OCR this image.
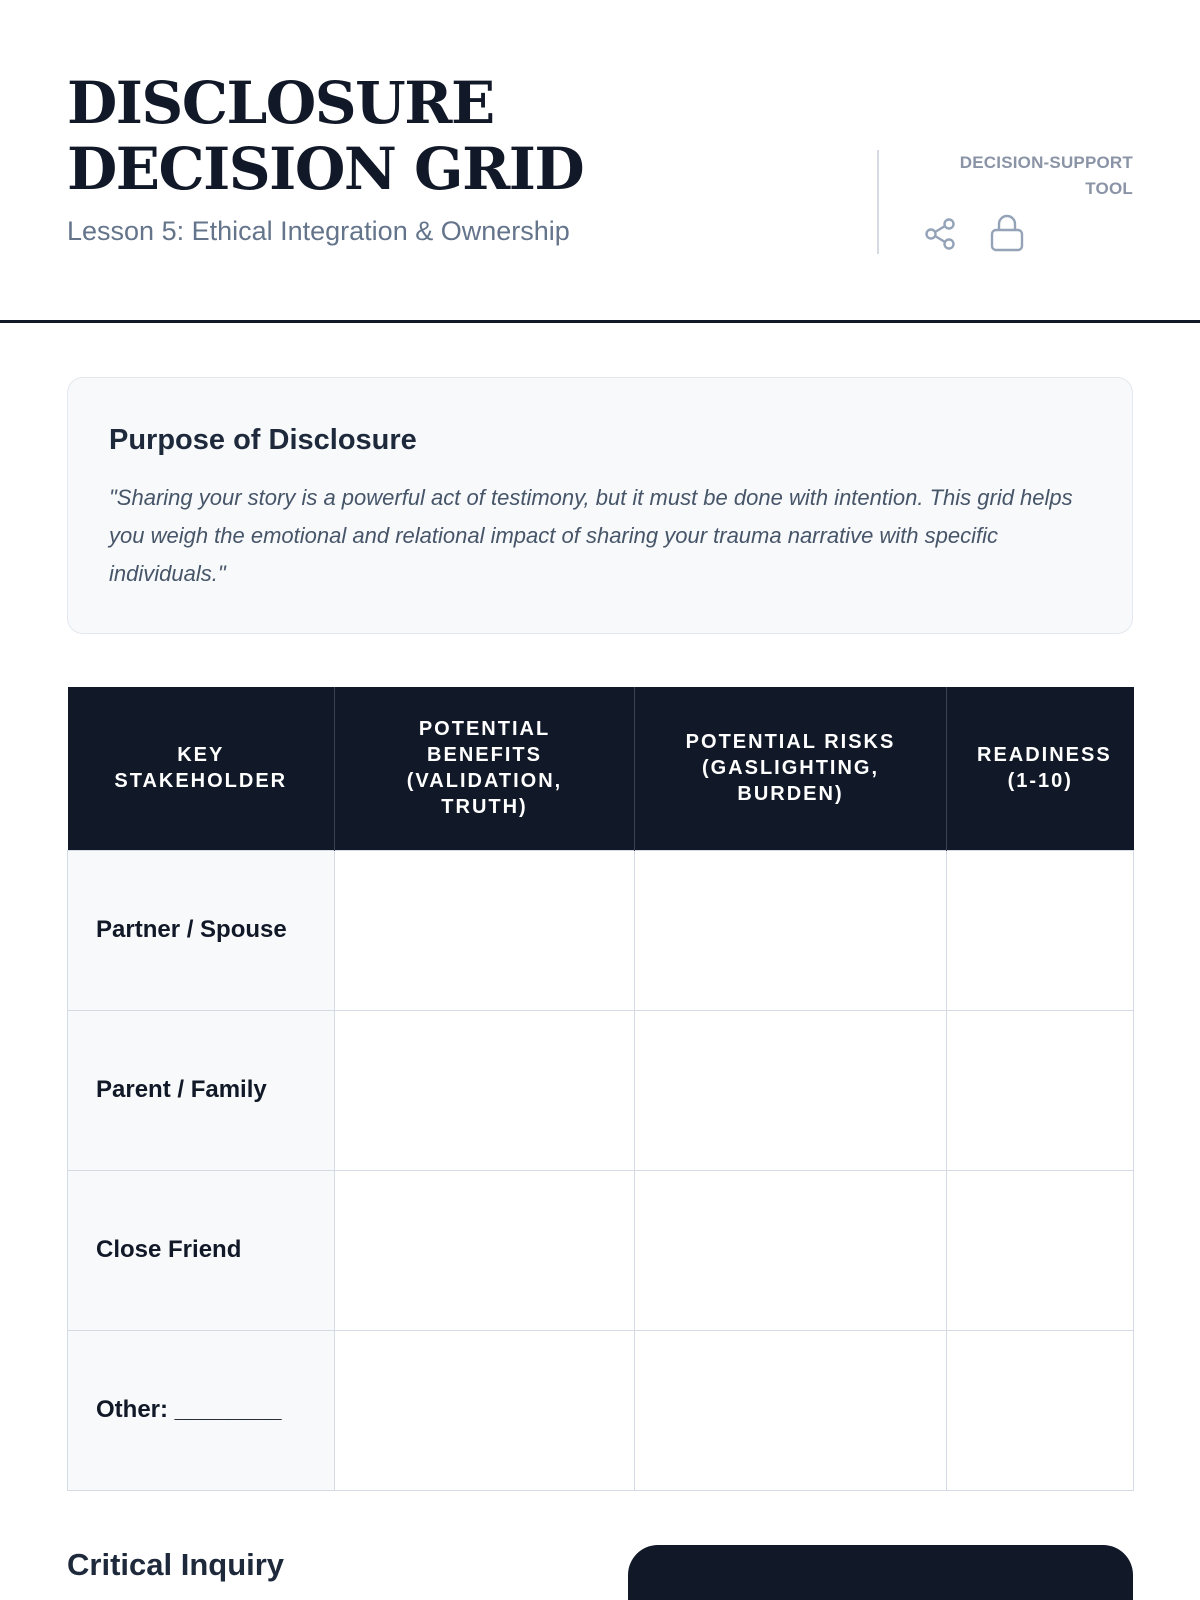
DISCLOSURE DECISION GRID
Lesson 5: Ethical Integration & Ownership
DECISION-SUPPORT TOOL
Purpose of Disclosure

"Sharing your story is a powerful act of testimony, but it must be done with intention. This grid helps you weigh the emotional and relational impact of sharing your trauma narrative with specific individuals."

KEY STAKEHOLDER	POTENTIAL BENEFITS (VALIDATION, TRUTH)	POTENTIAL RISKS (GASLIGHTING, BURDEN)	READINESS (1-10)
Partner / Spouse			
Parent / Family			
Close Friend			
Other: ________			
Critical Inquiry
